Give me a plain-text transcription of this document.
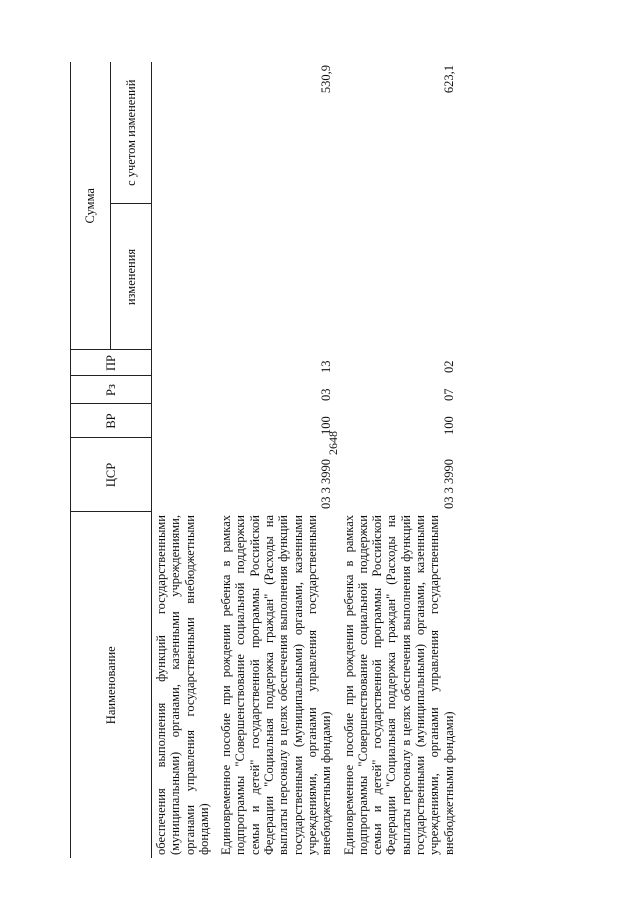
2648
Наименование	ЦСР	ВР	Рз	ПР	Сумма	
					изменения	с учетом изменений
обеспечения выполнения функций государственными (муниципальными) органами, казенными учреждениями, органами управления государственными внебюджетными фондами)						
Единовременное пособие при рождении ребенка в рамках подпрограммы "Совершенствование социальной поддержки семьи и детей" государственной программы Российской Федерации "Социальная поддержка граждан" (Расходы на выплаты персоналу в целях обеспечения выполнения функций государственными (муниципальными) органами, казенными учреждениями, органами управления государственными внебюджетными фондами)	03 3 3990	100	03	13		530,9
Единовременное пособие при рождении ребенка в рамках подпрограммы "Совершенствование социальной поддержки семьи и детей" государственной программы Российской Федерации "Социальная поддержка граждан" (Расходы на выплаты персоналу в целях обеспечения выполнения функций государственными (муниципальными) органами, казенными учреждениями, органами управления государственными внебюджетными фондами)	03 3 3990	100	07	02		623,1
